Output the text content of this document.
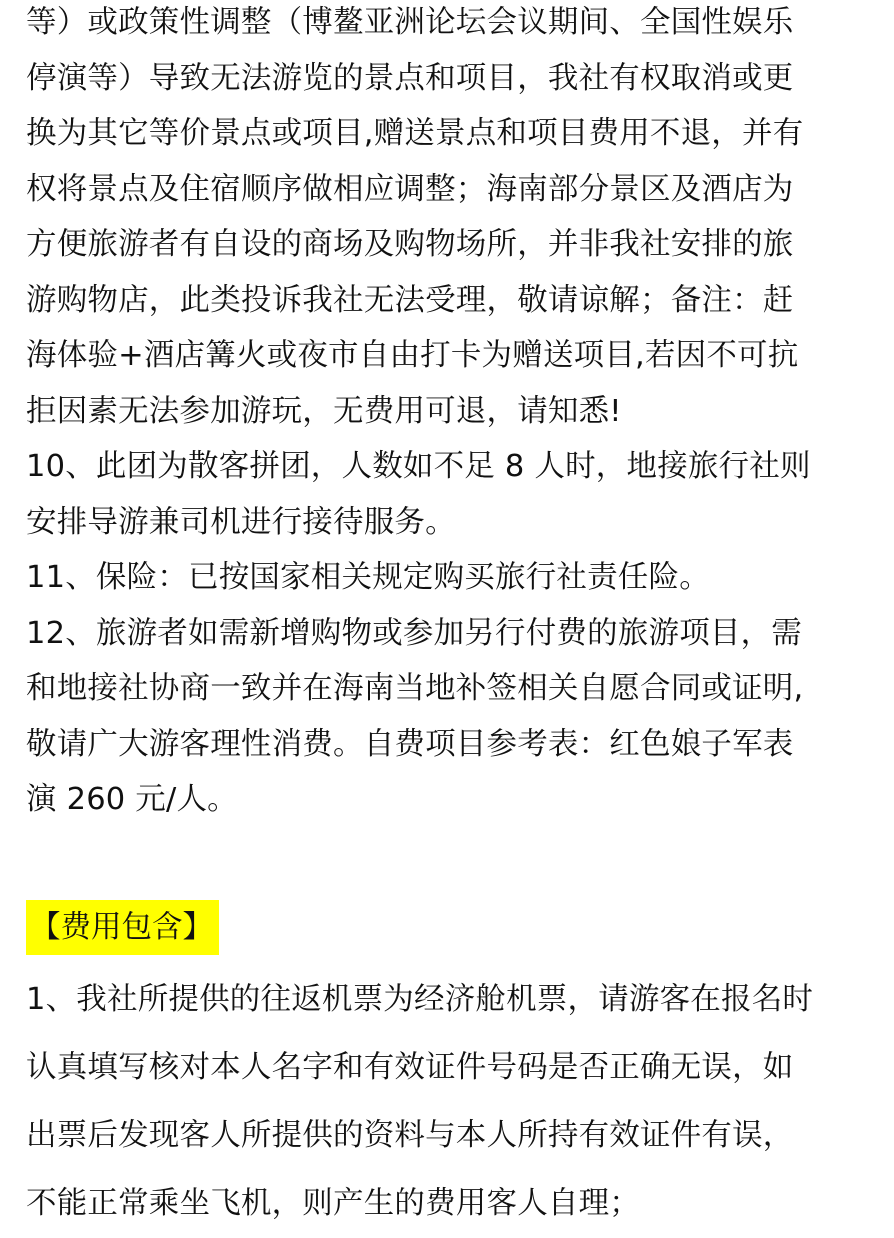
等）或政策性调整（博鳌亚洲论坛会议期间、全国性娱乐
停演等）导致无法游览的景点和项目，我社有权取消或更
换为其它等价景点或项目,赠送景点和项目费用不退，并有
权将景点及住宿顺序做相应调整；海南部分景区及酒店为
方便旅游者有自设的商场及购物场所，并非我社安排的旅
游购物店，此类投诉我社无法受理，敬请谅解；备注：赶
海体验+酒店篝火或夜市自由打卡为赠送项目,若因不可抗
拒因素无法参加游玩，无费用可退，请知悉!
10、此团为散客拼团，人数如不足 8 人时，地接旅行社则
安排导游兼司机进行接待服务。
11、保险：已按国家相关规定购买旅行社责任险。
12、旅游者如需新增购物或参加另行付费的旅游项目，需
和地接社协商一致并在海南当地补签相关自愿合同或证明,
敬请广大游客理性消费。自费项目参考表：红色娘子军表
演 260 元/人。
【费用包含】
1、我社所提供的往返机票为经济舱机票，请游客在报名时
认真填写核对本人名字和有效证件号码是否正确无误，如
出票后发现客人所提供的资料与本人所持有效证件有误，
不能正常乘坐飞机，则产生的费用客人自理；
